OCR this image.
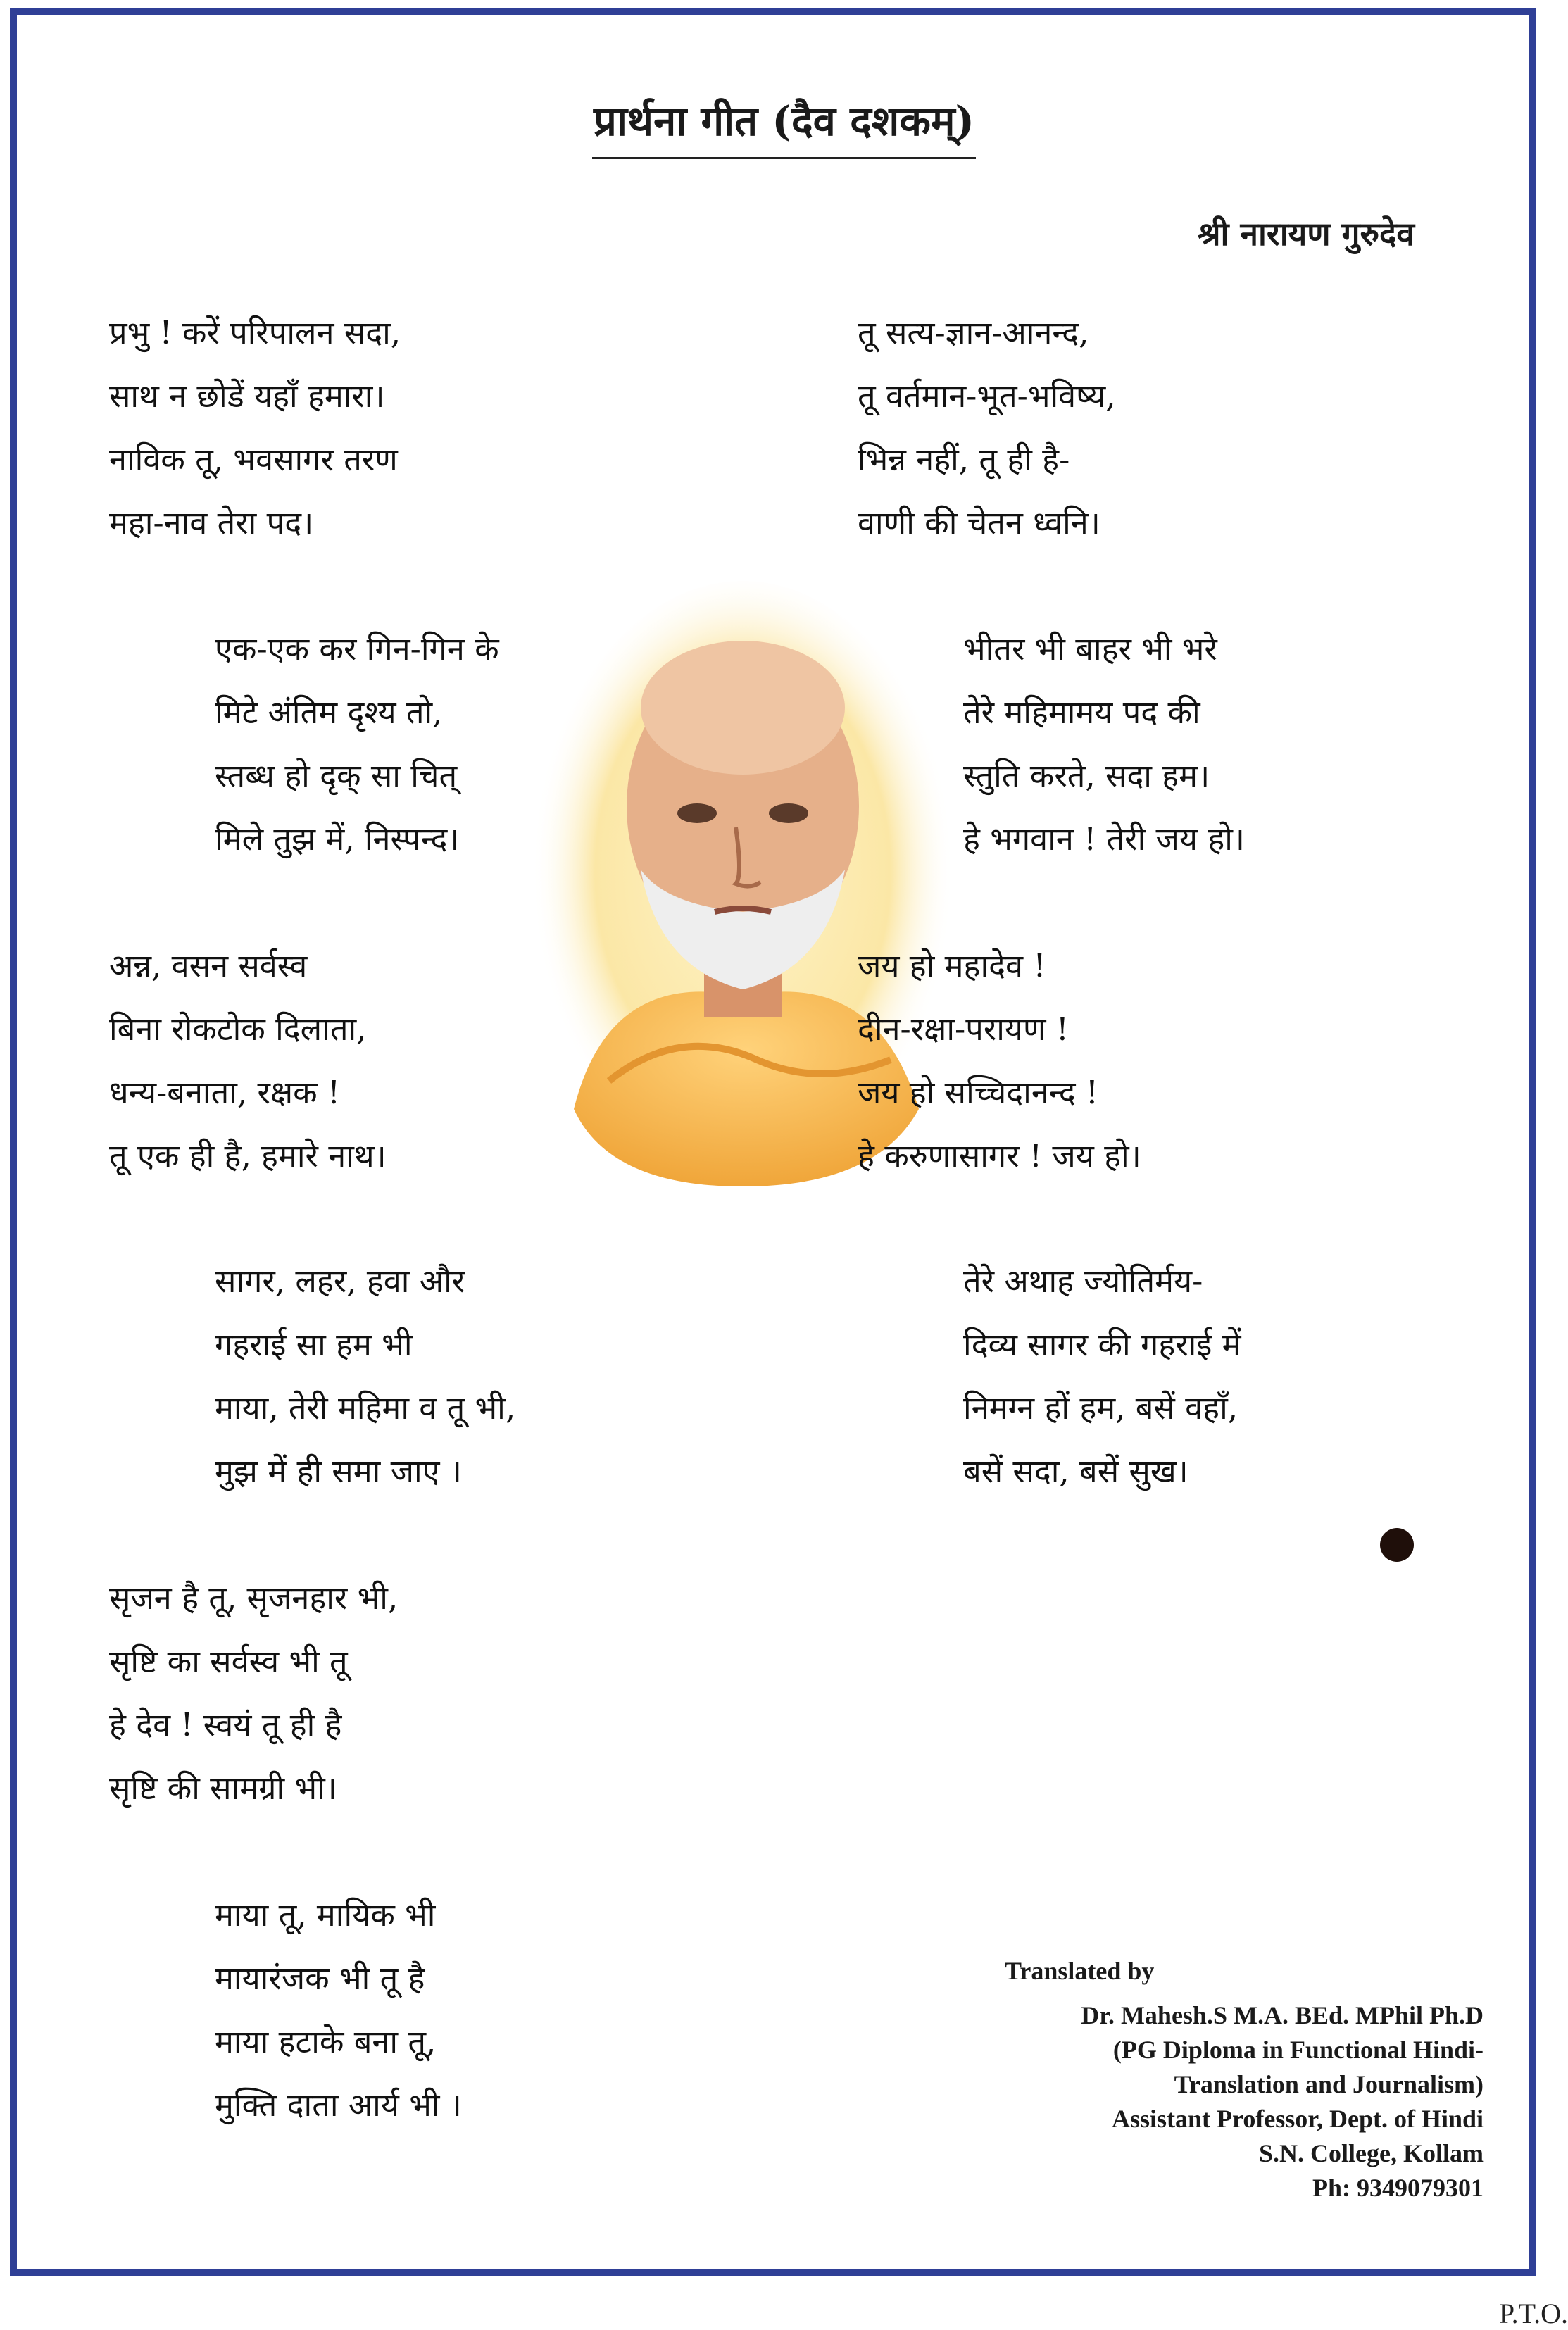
प्रार्थना गीत (दैव दशकम्)
श्री नारायण गुरुदेव
प्रभु ! करें परिपालन सदा,
साथ न छोडें यहाँ हमारा।
नाविक तू, भवसागर तरण
महा-नाव तेरा पद।
एक-एक कर गिन-गिन के
मिटे अंतिम दृश्य तो,
स्तब्ध हो दृक् सा चित्
मिले तुझ में, निस्पन्द।
अन्न, वसन सर्वस्व
बिना रोकटोक दिलाता,
धन्य-बनाता, रक्षक !
तू एक ही है, हमारे नाथ।
सागर, लहर, हवा और
गहराई सा हम भी
माया, तेरी महिमा व तू भी,
मुझ में ही समा जाए ।
सृजन है तू, सृजनहार भी,
सृष्टि का सर्वस्व भी तू
हे देव ! स्वयं तू ही है
सृष्टि की सामग्री भी।
माया तू, मायिक भी
मायारंजक भी तू है
माया हटाके बना तू,
मुक्ति दाता आर्य भी ।
तू सत्य-ज्ञान-आनन्द,
तू वर्तमान-भूत-भविष्य,
भिन्न नहीं, तू ही है-
वाणी की चेतन ध्वनि।
भीतर भी बाहर भी भरे
तेरे महिमामय पद की
स्तुति करते, सदा हम।
हे भगवान ! तेरी जय हो।
जय हो महादेव !
दीन-रक्षा-परायण !
जय हो सच्चिदानन्द !
हे करुणासागर ! जय हो।
तेरे अथाह ज्योतिर्मय-
दिव्य सागर की गहराई में
निमग्न हों हम, बसें वहाँ,
बसें सदा, बसें सुख।
Translated by
Dr. Mahesh.S M.A. BEd. MPhil Ph.D
(PG Diploma in Functional Hindi-
Translation and Journalism)
Assistant Professor, Dept. of Hindi
S.N. College, Kollam
Ph: 9349079301
P.T.O.
